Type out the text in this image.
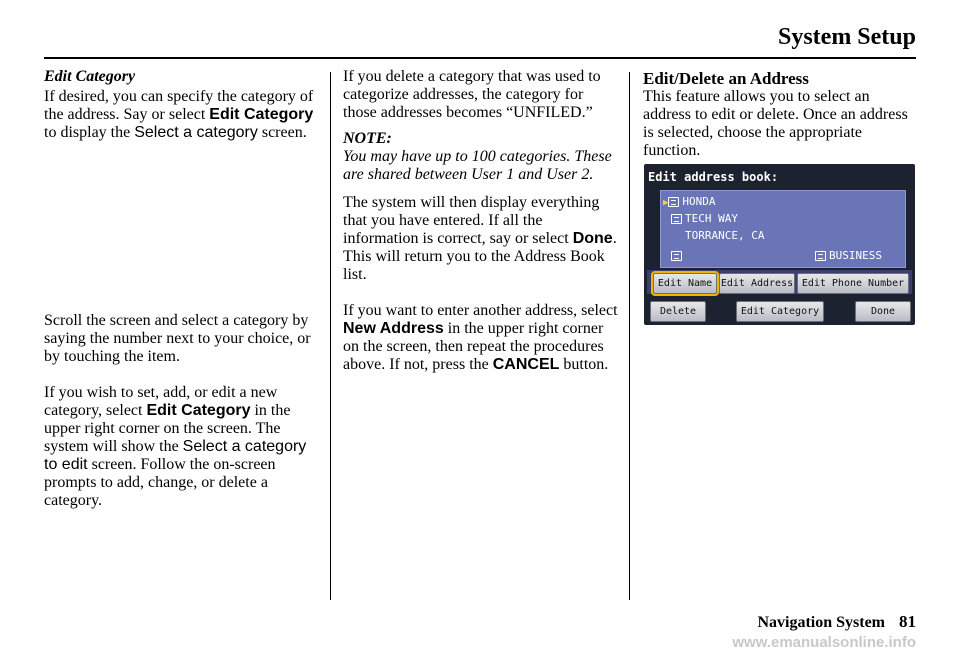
System Setup

Edit Category

If desired, you can specify the category of the address. Say or select Edit Category to display the Select a category screen.

Scroll the screen and select a category by saying the number next to your choice, or by touching the item.

If you wish to set, add, or edit a new category, select Edit Category in the upper right corner on the screen. The system will show the Select a category to edit screen. Follow the on-screen prompts to add, change, or delete a category.

If you delete a category that was used to categorize addresses, the category for those addresses becomes “UNFILED.”

NOTE:

You may have up to 100 categories. These are shared between User 1 and User 2.

The system will then display everything that you have entered. If all the information is correct, say or select Done. This will return you to the Address Book list.

If you want to enter another address, select New Address in the upper right corner on the screen, then repeat the procedures above. If not, press the CANCEL button.

Edit/Delete an Address

This feature allows you to select an address to edit or delete. Once an address is selected, choose the appropriate function.

Edit address book:
▶ HONDA
TECH WAY
TORRANCE, CA
BUSINESS
Edit Name Edit Address Edit Phone Number
Delete	Edit Category	Done
Navigation System 81
www.emanualsonline.info
